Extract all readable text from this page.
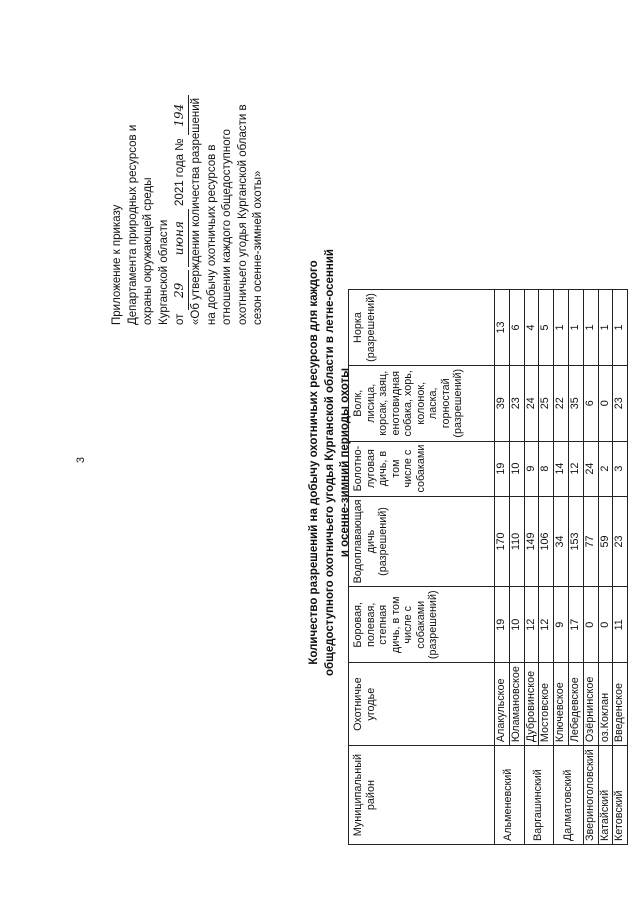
3
Приложение к приказу Департамента природных ресурсов и охраны окружающей среды Курганской области от 29 июня 2021 года № 194 «Об утверждении количества разрешений на добычу охотничьих ресурсов в отношении каждого общедоступного охотничьего угодья Курганской области в сезон осенне-зимней охоты»
Количество разрешений на добычу охотничьих ресурсов для каждого общедоступного охотничьего угодья Курганской области в летне-осенний и осенне-зимний периоды охоты
Муниципальный район	Охотничье угодье	Боровая, полевая, степная дичь, в том числе с собаками (разрешений)	Водоплавающая дичь (разрешений)	Болотно-луговая дичь, в том числе с собаками	Волк, лисица, корсак, заяц, енотовидная собака, хорь, колонок, ласка, горностай (разрешений)	Норка (разрешений)
Альменевский	Алакульское	19	170	19	39	13
	Юламановское	10	110	10	23	6
Варгашинский	Дубровинское	12	149	9	24	4
	Мостовское	12	106	8	25	5
Далматовский	Ключевское	9	34	14	22	1
	Лебедевское	17	153	12	35	1
Звериноголовский	Озёрнинское	0	77	24	6	1
Катайский	оз.Коклан	0	59	2	0	1
Кетовский	Введенское	11	23	3	23	1
